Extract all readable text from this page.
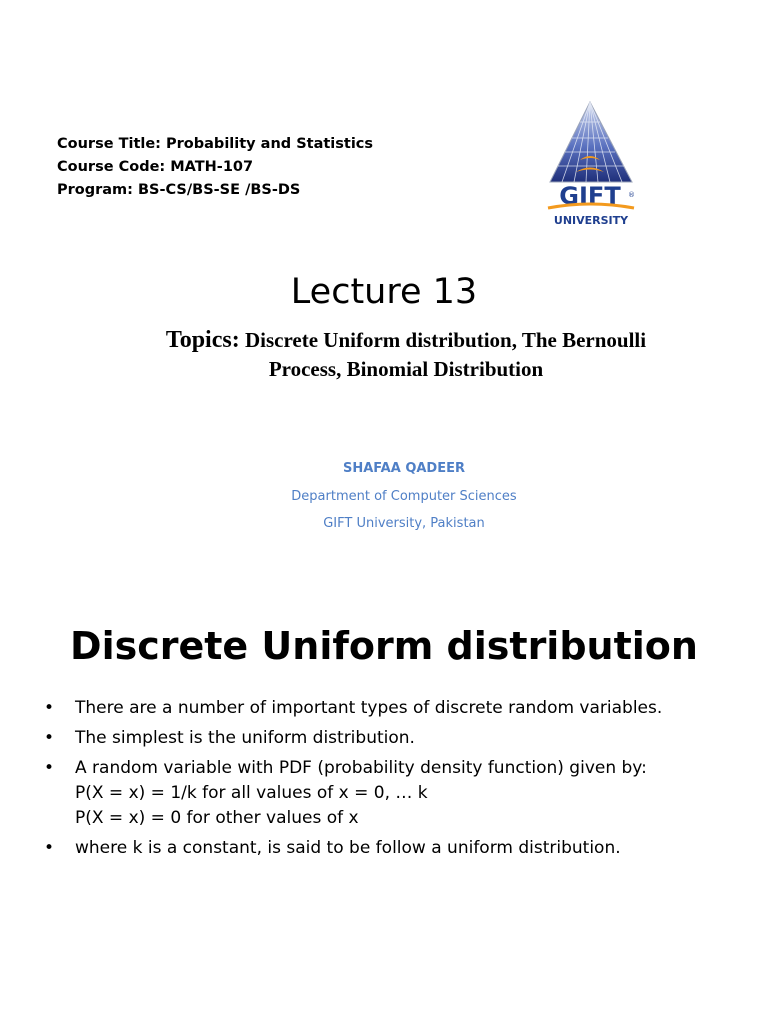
Course Title: Probability and Statistics
Course Code: MATH-107
Program: BS-CS/BS-SE /BS-DS	GIFT ®
UNIVERSITY
Lecture 13
Topics: Discrete Uniform distribution, The Bernoulli
Process, Binomial Distribution
SHAFAA QADEER
Department of Computer Sciences
GIFT University, Pakistan
Discrete Uniform distribution
• There are a number of important types of discrete random variables.
• The simplest is the uniform distribution.
• A random variable with PDF (probability density function) given by:
P(X = x) = 1/k for all values of x = 0, … k
P(X = x) = 0 for other values of x
• where k is a constant, is said to be follow a uniform distribution.
